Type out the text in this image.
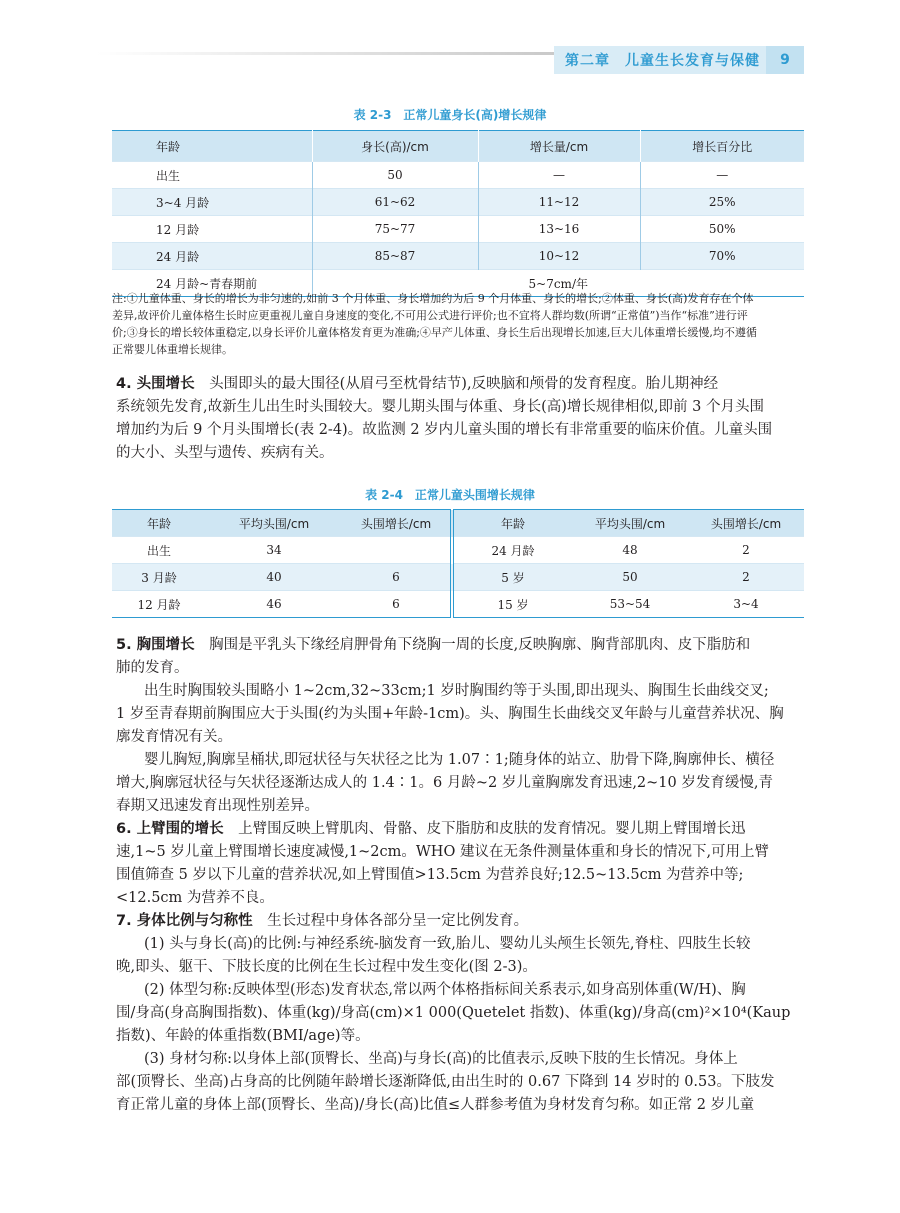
第二章　儿童生长发育与保健	9
表 2-3　正常儿童身长(高)增长规律
年龄	身长(高)/cm	增长量/cm	增长百分比
出生	50	—	—
3~4 月龄	61~62	11~12	25%
12 月龄	75~77	13~16	50%
24 月龄	85~87	10~12	70%
24 月龄~青春期前	5~7cm/年		
注:①儿童体重、身长的增长为非匀速的,如前 3 个月体重、身长增加约为后 9 个月体重、身长的增长;②体重、身长(高)发育存在个体
差异,故评价儿童体格生长时应更重视儿童自身速度的变化,不可用公式进行评价;也不宜将人群均数(所谓“正常值”)当作“标准”进行评
价;③身长的增长较体重稳定,以身长评价儿童体格发育更为准确;④早产儿体重、身长生后出现增长加速,巨大儿体重增长缓慢,均不遵循
正常婴儿体重增长规律。
4. 头围增长　 头围即头的最大围径(从眉弓至枕骨结节),反映脑和颅骨的发育程度。胎儿期神经
系统领先发育,故新生儿出生时头围较大。婴儿期头围与体重、身长(高)增长规律相似,即前 3 个月头围
增加约为后 9 个月头围增长(表 2-4)。故监测 2 岁内儿童头围的增长有非常重要的临床价值。儿童头围
的大小、头型与遗传、疾病有关。
表 2-4　正常儿童头围增长规律
年龄	平均头围/cm	头围增长/cm	年龄	平均头围/cm	头围增长/cm
出生	34		24 月龄	48	2
3 月龄	40	6	5 岁	50	2
12 月龄	46	6	15 岁	53~54	3~4
5. 胸围增长　 胸围是平乳头下缘经肩胛骨角下绕胸一周的长度,反映胸廓、胸背部肌肉、皮下脂肪和
肺的发育。
出生时胸围较头围略小 1~2cm,32~33cm;1 岁时胸围约等于头围,即出现头、胸围生长曲线交叉;
1 岁至青春期前胸围应大于头围(约为头围+年龄-1cm)。头、胸围生长曲线交叉年龄与儿童营养状况、胸
廓发育情况有关。
婴儿胸短,胸廓呈桶状,即冠状径与矢状径之比为 1.07∶1;随身体的站立、肋骨下降,胸廓伸长、横径
增大,胸廓冠状径与矢状径逐渐达成人的 1.4∶1。6 月龄~2 岁儿童胸廓发育迅速,2~10 岁发育缓慢,青
春期又迅速发育出现性别差异。
6. 上臂围的增长　 上臂围反映上臂肌肉、骨骼、皮下脂肪和皮肤的发育情况。婴儿期上臂围增长迅
速,1~5 岁儿童上臂围增长速度减慢,1~2cm。WHO 建议在无条件测量体重和身长的情况下,可用上臂
围值筛查 5 岁以下儿童的营养状况,如上臂围值>13.5cm 为营养良好;12.5~13.5cm 为营养中等;
<12.5cm 为营养不良。
7. 身体比例与匀称性　 生长过程中身体各部分呈一定比例发育。
(1) 头与身长(高)的比例:与神经系统-脑发育一致,胎儿、婴幼儿头颅生长领先,脊柱、四肢生长较
晚,即头、躯干、下肢长度的比例在生长过程中发生变化(图 2-3)。
(2) 体型匀称:反映体型(形态)发育状态,常以两个体格指标间关系表示,如身高别体重(W/H)、胸
围/身高(身高胸围指数)、体重(kg)/身高(cm)×1 000(Quetelet 指数)、体重(kg)/身高(cm)²×10⁴(Kaup
指数)、年龄的体重指数(BMI/age)等。
(3) 身材匀称:以身体上部(顶臀长、坐高)与身长(高)的比值表示,反映下肢的生长情况。身体上
部(顶臀长、坐高)占身高的比例随年龄增长逐渐降低,由出生时的 0.67 下降到 14 岁时的 0.53。下肢发
育正常儿童的身体上部(顶臀长、坐高)/身长(高)比值≤人群参考值为身材发育匀称。如正常 2 岁儿童
